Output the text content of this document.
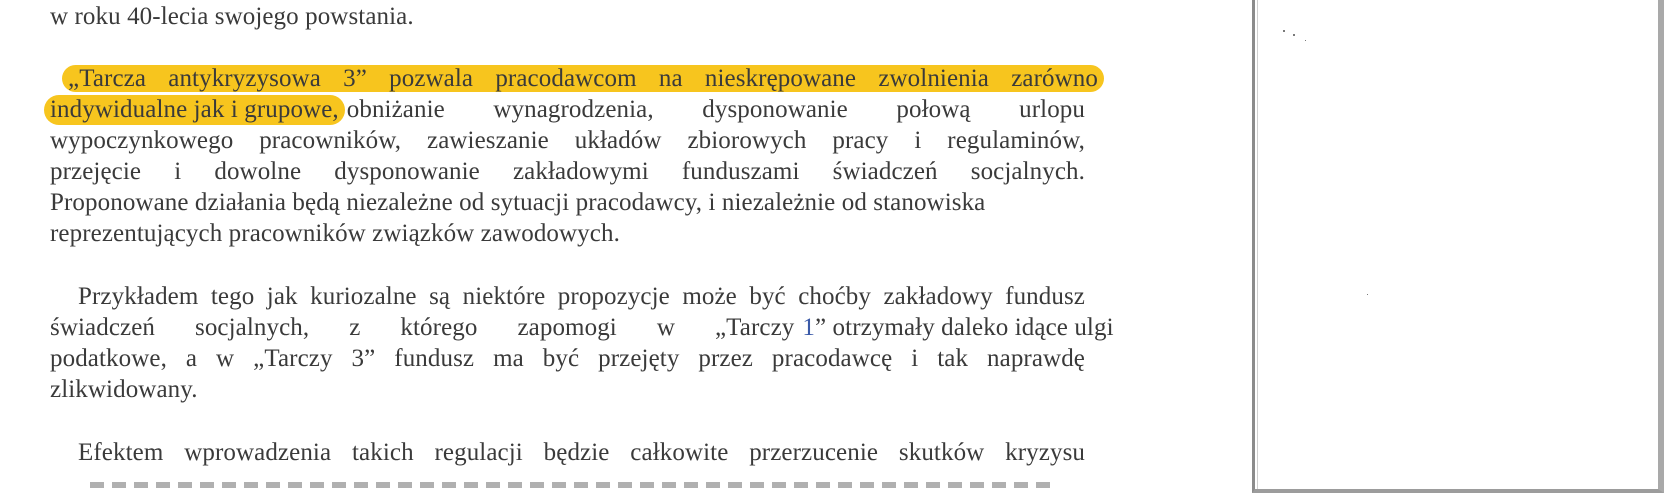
w roku 40-lecia swojego powstania.

„Tarcza antykryzysowa 3” pozwala pracodawcom na nieskrępowane zwolnienia zarówno

indywidualne jak i grupowe, obniżanie wynagrodzenia, dysponowanie połową urlopu

wypoczynkowego pracowników, zawieszanie układów zbiorowych pracy i regulaminów,

przejęcie i dowolne dysponowanie zakładowymi funduszami świadczeń socjalnych.

Proponowane działania będą niezależne od sytuacji pracodawcy, i niezależnie od stanowiska

reprezentujących pracowników związków zawodowych.

Przykładem tego jak kuriozalne są niektóre propozycje może być choćby zakładowy fundusz

świadczeń socjalnych, z którego zapomogi w „Tarczy 1 ” otrzymały daleko idące ulgi

podatkowe, a w „Tarczy 3” fundusz ma być przejęty przez pracodawcę i tak naprawdę

zlikwidowany.

Efektem wprowadzenia takich regulacji będzie całkowite przerzucenie skutków kryzysu
